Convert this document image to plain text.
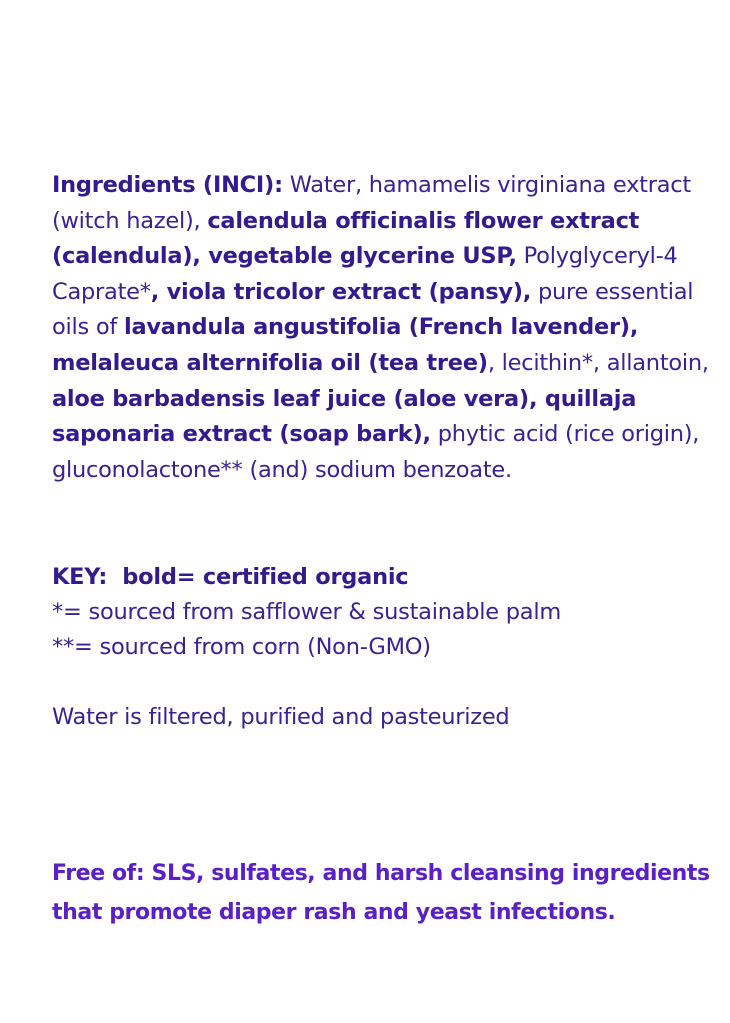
Ingredients (INCI): Water, hamamelis virginiana extract (witch hazel), calendula officinalis flower extract (calendula), vegetable glycerine USP, Polyglyceryl-4 Caprate*, viola tricolor extract (pansy), pure essential oils of lavandula angustifolia (French lavender), melaleuca alternifolia oil (tea tree), lecithin*, allantoin, aloe barbadensis leaf juice (aloe vera), quillaja saponaria extract (soap bark), phytic acid (rice origin), gluconolactone** (and) sodium benzoate.

KEY:  bold= certified organic
*= sourced from safflower & sustainable palm
**= sourced from corn (Non-GMO)
Water is filtered, purified and pasteurized
Free of: SLS, sulfates, and harsh cleansing ingredients
that promote diaper rash and yeast infections.
